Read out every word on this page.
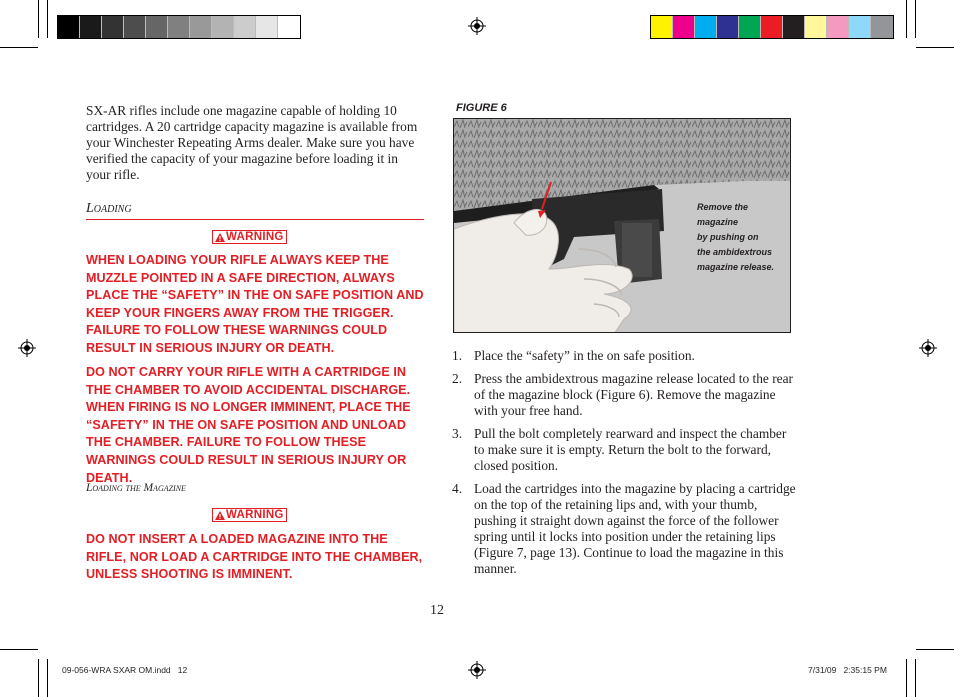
SX-AR rifles include one magazine capable of holding 10 cartridges. A 20 cartridge capacity magazine is available from your Winchester Repeating Arms dealer. Make sure you have verified the capacity of your magazine before loading it in your rifle.
Loading
WARNING
WHEN LOADING YOUR RIFLE ALWAYS KEEP THE MUZZLE POINTED IN A SAFE DIRECTION, ALWAYS PLACE THE “SAFETY” IN THE ON SAFE POSITION AND KEEP YOUR FINGERS AWAY FROM THE TRIGGER. FAILURE TO FOLLOW THESE WARNINGS COULD RESULT IN SERIOUS INJURY OR DEATH.
DO NOT CARRY YOUR RIFLE WITH A CARTRIDGE IN THE CHAMBER TO AVOID ACCIDENTAL DISCHARGE. WHEN FIRING IS NO LONGER IMMINENT, PLACE THE “SAFETY” IN THE ON SAFE POSITION AND UNLOAD THE CHAMBER. FAILURE TO FOLLOW THESE WARNINGS COULD RESULT IN SERIOUS INJURY OR DEATH.
Loading the Magazine
WARNING
DO NOT INSERT A LOADED MAGAZINE INTO THE RIFLE, NOR LOAD A CARTRIDGE INTO THE CHAMBER, UNLESS SHOOTING IS IMMINENT.
FIGURE 6
Remove the magazine
by pushing on
the ambidextrous
magazine release.
1. Place the “safety” in the on safe position.
2. Press the ambidextrous magazine release located to the rear of the magazine block (Figure 6). Remove the magazine with your free hand.
3. Pull the bolt completely rearward and inspect the chamber to make sure it is empty. Return the bolt to the forward, closed position.
4. Load the cartridges into the magazine by placing a cartridge on the top of the retaining lips and, with your thumb, pushing it straight down against the force of the follower spring until it locks into position under the retaining lips (Figure 7, page 13). Continue to load the magazine in this manner.
12
09-056-WRA SXAR OM.indd   12	7/31/09   2:35:15 PM
